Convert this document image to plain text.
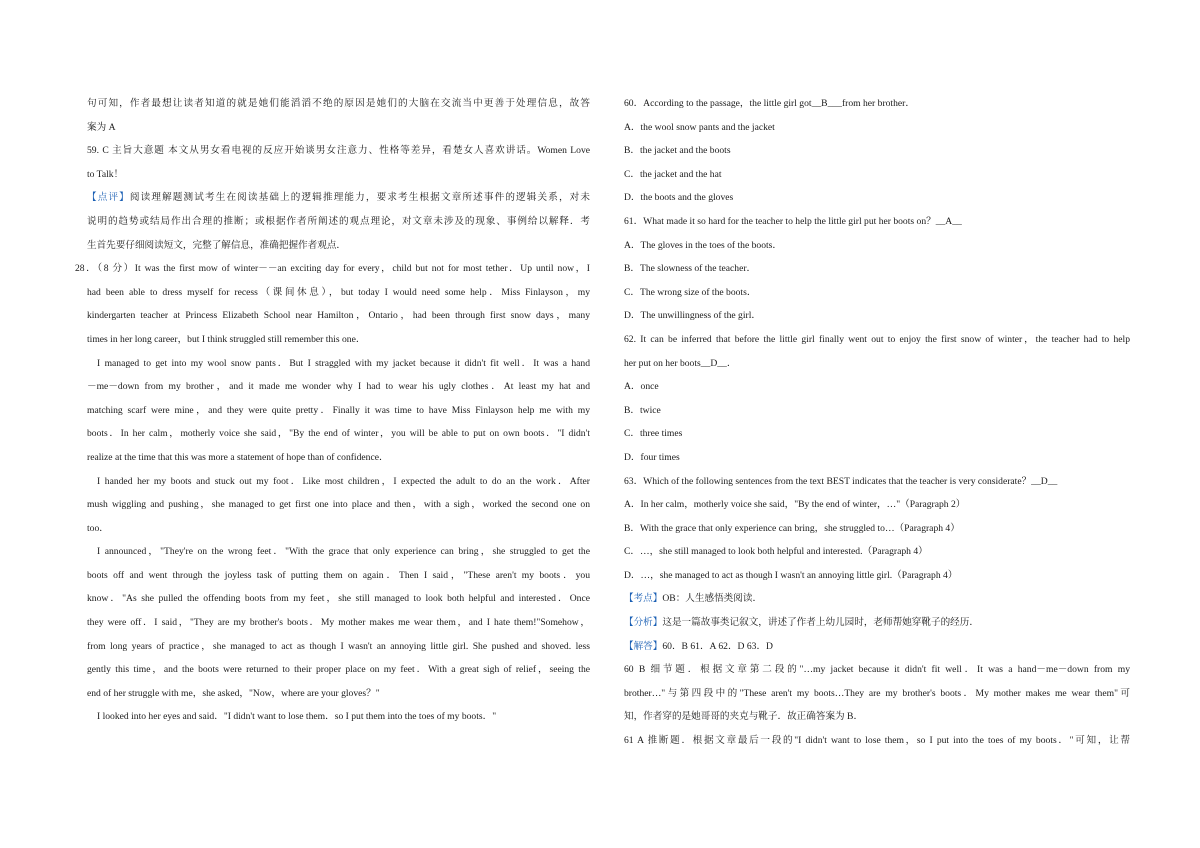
句可知，作者最想让读者知道的就是她们能滔滔不绝的原因是她们的大脑在交流当中更善于处理信息，故答
案为 A
59. C 主旨大意题 本文从男女看电视的反应开始谈男女注意力、性格等差异，看楚女人喜欢讲话。Women Love
to Talk！
【点评】阅读理解题测试考生在阅读基础上的逻辑推理能力，要求考生根据文章所述事件的逻辑关系，对未
说明的趋势或结局作出合理的推断；或根据作者所阐述的观点理论，对文章未涉及的现象、事例给以解释．考
生首先要仔细阅读短文，完整了解信息，准确把握作者观点．
28．（8 分）It was the first mow of winter－－an exciting day for every，child but not for most tether．Up until now，I
had been able to dress myself for recess（课间休息），but today I would need some help．Miss Finlayson，my
kindergarten teacher at Princess Elizabeth School near Hamilton，Ontario，had been through first snow days，many
times in her long career，but I think struggled still remember this one．
I managed to get into my wool snow pants．But I straggled with my jacket because it didn't fit well．It was a hand
－me－down from my brother，and it made me wonder why I had to wear his ugly clothes．At least my hat and
matching scarf were mine，and they were quite pretty．Finally it was time to have Miss Finlayson help me with my
boots．In her calm，motherly voice she said，"By the end of winter，you will be able to put on own boots．"I didn't
realize at the time that this was more a statement of hope than of confidence．
I handed her my boots and stuck out my foot．Like most children，I expected the adult to do an the work．After
mush wiggling and pushing，she managed to get first one into place and then，with a sigh，worked the second one on
too．
I announced，"They're on the wrong feet．"With the grace that only experience can bring，she struggled to get the
boots off and went through the joyless task of putting them on again．Then I said，"These aren't my boots．you
know．"As she pulled the offending boots from my feet，she still managed to look both helpful and interested．Once
they were off．I said，"They are my brother's boots．My mother makes me wear them，and I hate them!"Somehow，
from long years of practice，she managed to act as though I wasn't an annoying little girl. She pushed and shoved. less
gently this time，and the boots were returned to their proper place on my feet．With a great sigh of relief，seeing the
end of her struggle with me，she asked，"Now，where are your gloves？"
I looked into her eyes and said．"I didn't want to lose them．so I put them into the toes of my boots．"
60．According to the passage，the little girl got__B___from her brother．
A．the wool snow pants and the jacket
B．the jacket and the boots
C．the jacket and the hat
D．the boots and the gloves
61．What made it so hard for the teacher to help the little girl put her boots on？__A__
A．The gloves in the toes of the boots．
B．The slowness of the teacher．
C．The wrong size of the boots．
D．The unwillingness of the girl．
62. It can be inferred that before the little girl finally went out to enjoy the first snow of winter，the teacher had to help
her put on her boots__D__．
A．once
B．twice
C．three times
D．four times
63．Which of the following sentences from the text BEST indicates that the teacher is very considerate？__D__
A．In her calm，motherly voice she said，"By the end of winter，…"（Paragraph 2）
B．With the grace that only experience can bring，she struggled to…（Paragraph 4）
C．…，she still managed to look both helpful and interested.（Paragraph 4）
D．…，she managed to act as though I wasn't an annoying little girl.（Paragraph 4）
【考点】OB：人生感悟类阅读．
【分析】这是一篇故事类记叙文，讲述了作者上幼儿园时，老师帮她穿靴子的经历．
【解答】60．B 61．A 62．D 63．D
60 B 细节题．根据文章第二段的"…my jacket because it didn't fit well．It was a hand－me－down from my
brother…"与第四段中的"These aren't my boots…They are my brother's boots．My mother makes me wear them"可
知，作者穿的是她哥哥的夹克与靴子．故正确答案为 B．
61 A 推断题．根据文章最后一段的"I didn't want to lose them，so I put into the toes of my boots．"可知，让帮
